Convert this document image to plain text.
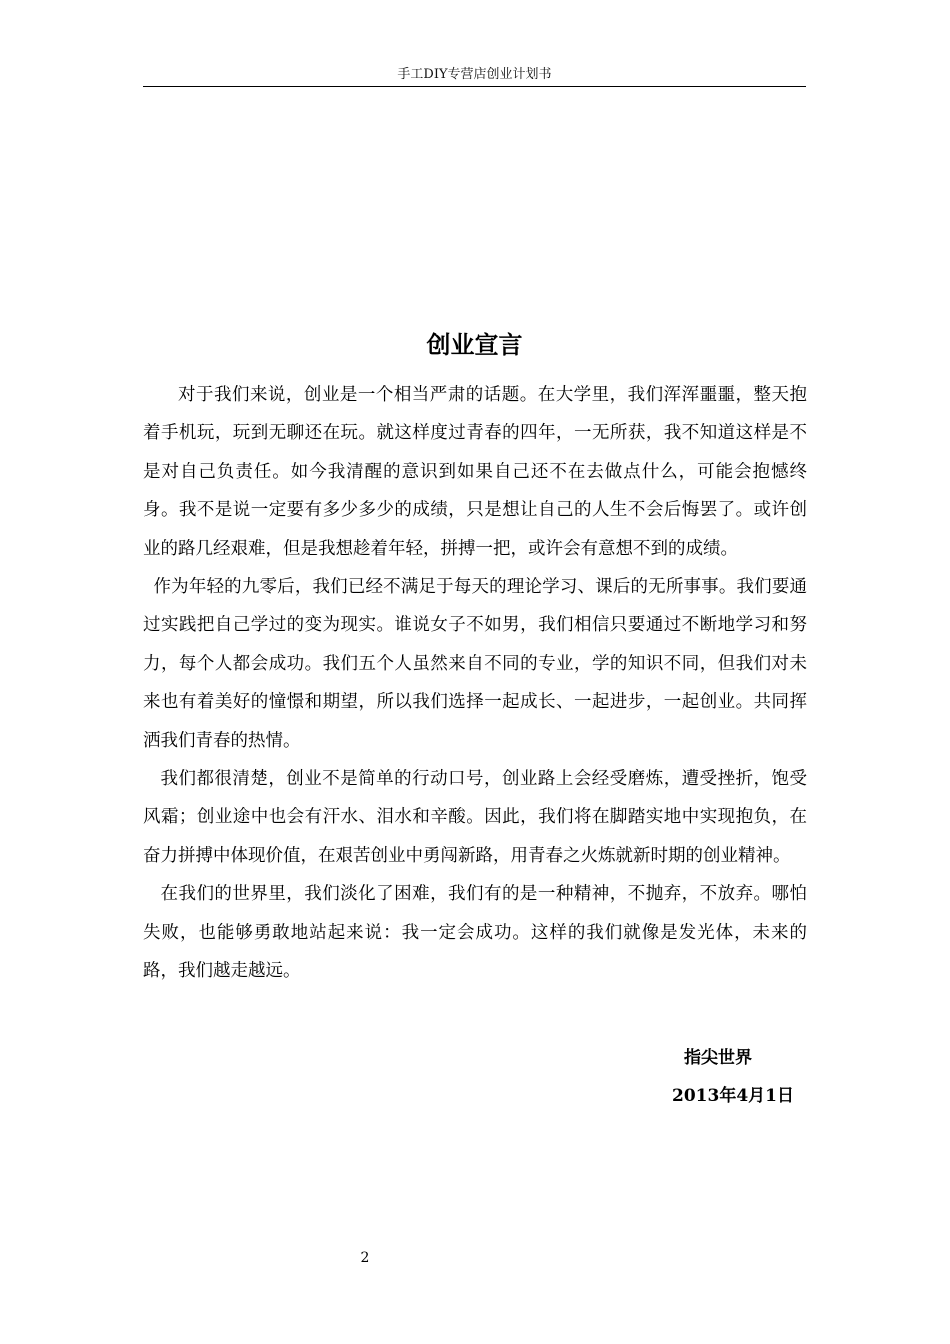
手工DIY专营店创业计划书
创业宣言

对于我们来说，创业是一个相当严肃的话题。在大学里，我们浑浑噩噩，整天抱着手机玩，玩到无聊还在玩。就这样度过青春的四年，一无所获，我不知道这样是不是对自己负责任。如今我清醒的意识到如果自己还不在去做点什么，可能会抱憾终身。我不是说一定要有多少多少的成绩，只是想让自己的人生不会后悔罢了。或许创业的路几经艰难，但是我想趁着年轻，拼搏一把，或许会有意想不到的成绩。

作为年轻的九零后，我们已经不满足于每天的理论学习、课后的无所事事。我们要通过实践把自己学过的变为现实。谁说女子不如男，我们相信只要通过不断地学习和努力，每个人都会成功。我们五个人虽然来自不同的专业，学的知识不同，但我们对未来也有着美好的憧憬和期望，所以我们选择一起成长、一起进步，一起创业。共同挥洒我们青春的热情。

我们都很清楚，创业不是简单的行动口号，创业路上会经受磨炼，遭受挫折，饱受风霜；创业途中也会有汗水、泪水和辛酸。因此，我们将在脚踏实地中实现抱负，在奋力拼搏中体现价值，在艰苦创业中勇闯新路，用青春之火炼就新时期的创业精神。

在我们的世界里，我们淡化了困难，我们有的是一种精神，不抛弃，不放弃。哪怕失败，也能够勇敢地站起来说：我一定会成功。这样的我们就像是发光体，未来的路，我们越走越远。

指尖世界
2013年4月1日
2
